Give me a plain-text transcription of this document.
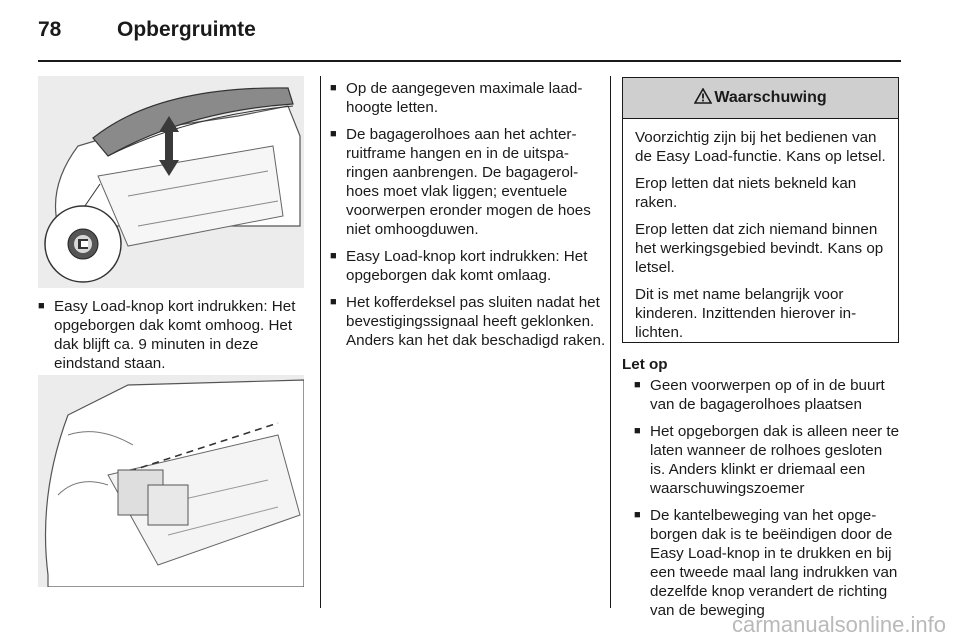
78	Opbergruimte
■ Easy Load-knop kort indrukken: Het opgeborgen dak komt omhoog. Het dak blijft ca. 9 minuten in deze eindstand staan.
■ Op de aangegeven maximale laadhoogte letten.
■ De bagagerolhoes aan het achterruitframe hangen en in de uitsparingen aanbrengen. De bagagerolhoes moet vlak liggen; eventuele voorwerpen eronder mogen de hoes niet omhoogduwen.
■ Easy Load-knop kort indrukken: Het opgeborgen dak komt omlaag.
■ Het kofferdeksel pas sluiten nadat het bevestigingssignaal heeft geklonken. Anders kan het dak beschadigd raken.
Waarschuwing

Voorzichtig zijn bij het bedienen van de Easy Load-functie. Kans op letsel.

Erop letten dat niets bekneld kan raken.

Erop letten dat zich niemand binnen het werkingsgebied bevindt. Kans op letsel.

Dit is met name belangrijk voor kinderen. Inzittenden hierover inlichten.

Let op
■ Geen voorwerpen op of in de buurt van de bagagerolhoes plaatsen
■ Het opgeborgen dak is alleen neer te laten wanneer de rolhoes gesloten is. Anders klinkt er driemaal een waarschuwingszoemer
■ De kantelbeweging van het opgeborgen dak is te beëindigen door de Easy Load-knop in te drukken en bij een tweede maal lang indrukken van dezelfde knop verandert de richting van de beweging
carmanualsonline.info
